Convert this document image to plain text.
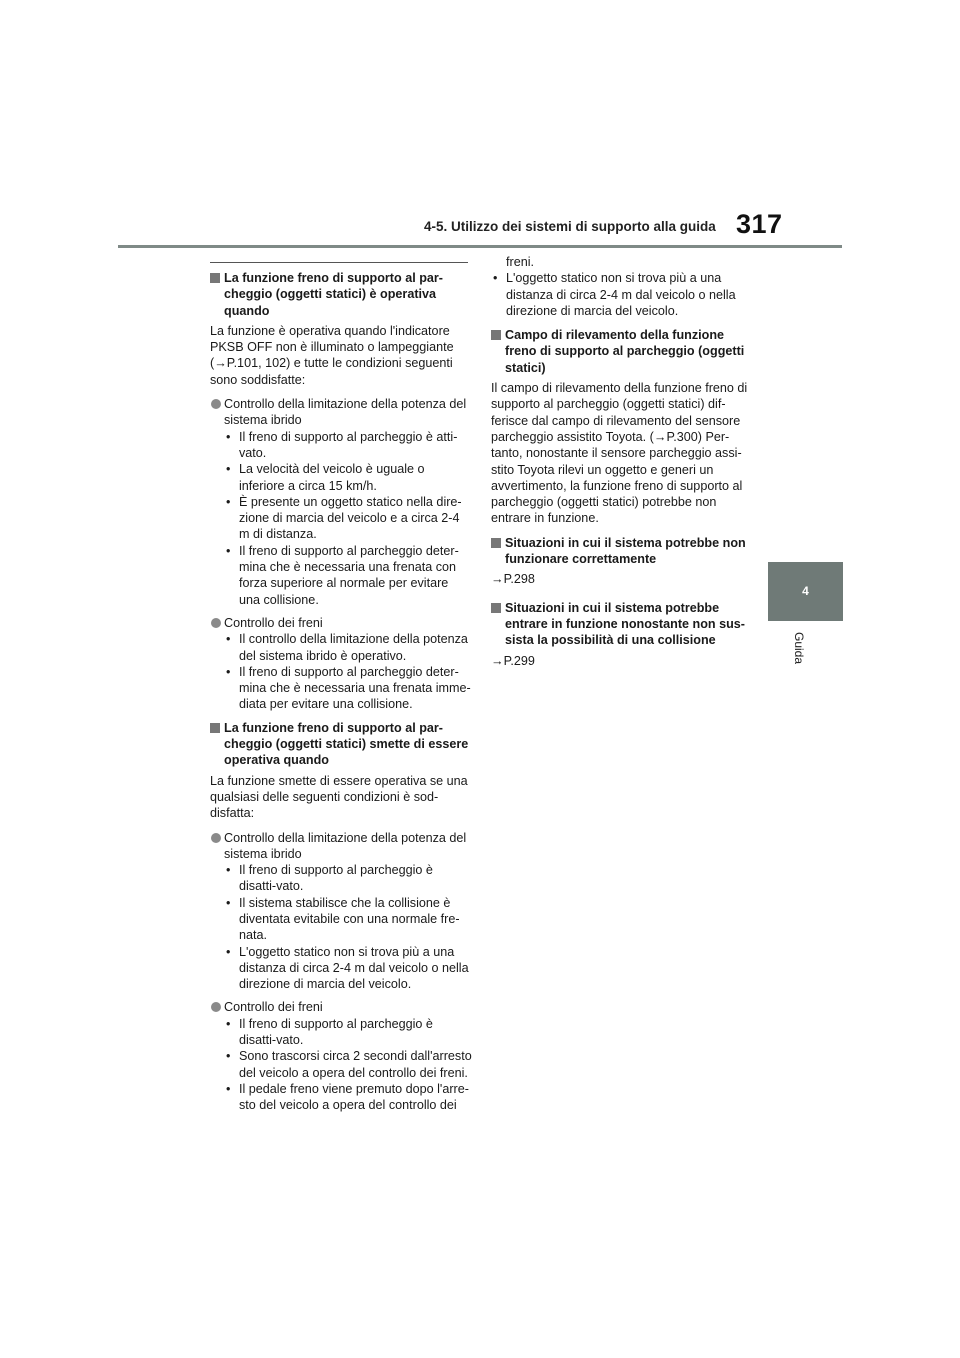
4-5. Utilizzo dei sistemi di supporto alla guida 317
4
Guida
La funzione freno di supporto al par-cheggio (oggetti statici) è operativa quando

La funzione è operativa quando l'indicatore PKSB OFF non è illuminato o lampeggiante (→P.101, 102) e tutte le condizioni seguenti sono soddisfatte:

Controllo della limitazione della potenza del sistema ibrido
• Il freno di supporto al parcheggio è atti-vato.
• La velocità del veicolo è uguale o inferiore a circa 15 km/h.
• È presente un oggetto statico nella dire-zione di marcia del veicolo e a circa 2-4 m di distanza.
• Il freno di supporto al parcheggio deter-mina che è necessaria una frenata con forza superiore al normale per evitare una collisione.
Controllo dei freni
• Il controllo della limitazione della potenza del sistema ibrido è operativo.
• Il freno di supporto al parcheggio deter-mina che è necessaria una frenata imme-diata per evitare una collisione.
La funzione freno di supporto al par-cheggio (oggetti statici) smette di essere operativa quando

La funzione smette di essere operativa se una qualsiasi delle seguenti condizioni è sod-disfatta:

Controllo della limitazione della potenza del sistema ibrido
• Il freno di supporto al parcheggio è disatti-vato.
• Il sistema stabilisce che la collisione è diventata evitabile con una normale fre-nata.
• L'oggetto statico non si trova più a una distanza di circa 2-4 m dal veicolo o nella direzione di marcia del veicolo.
Controllo dei freni
• Il freno di supporto al parcheggio è disatti-vato.
• Sono trascorsi circa 2 secondi dall'arresto del veicolo a opera del controllo dei freni.
• Il pedale freno viene premuto dopo l'arre-sto del veicolo a opera del controllo dei
freni.
• L'oggetto statico non si trova più a una distanza di circa 2-4 m dal veicolo o nella direzione di marcia del veicolo.
Campo di rilevamento della funzione freno di supporto al parcheggio (oggetti statici)

Il campo di rilevamento della funzione freno di supporto al parcheggio (oggetti statici) dif-ferisce dal campo di rilevamento del sensore parcheggio assistito Toyota. (→P.300) Per-tanto, nonostante il sensore parcheggio assi-stito Toyota rilevi un oggetto e generi un avvertimento, la funzione freno di supporto al parcheggio (oggetti statici) potrebbe non entrare in funzione.

Situazioni in cui il sistema potrebbe non funzionare correttamente

→P.298

Situazioni in cui il sistema potrebbe entrare in funzione nonostante non sus-sista la possibilità di una collisione

→P.299
